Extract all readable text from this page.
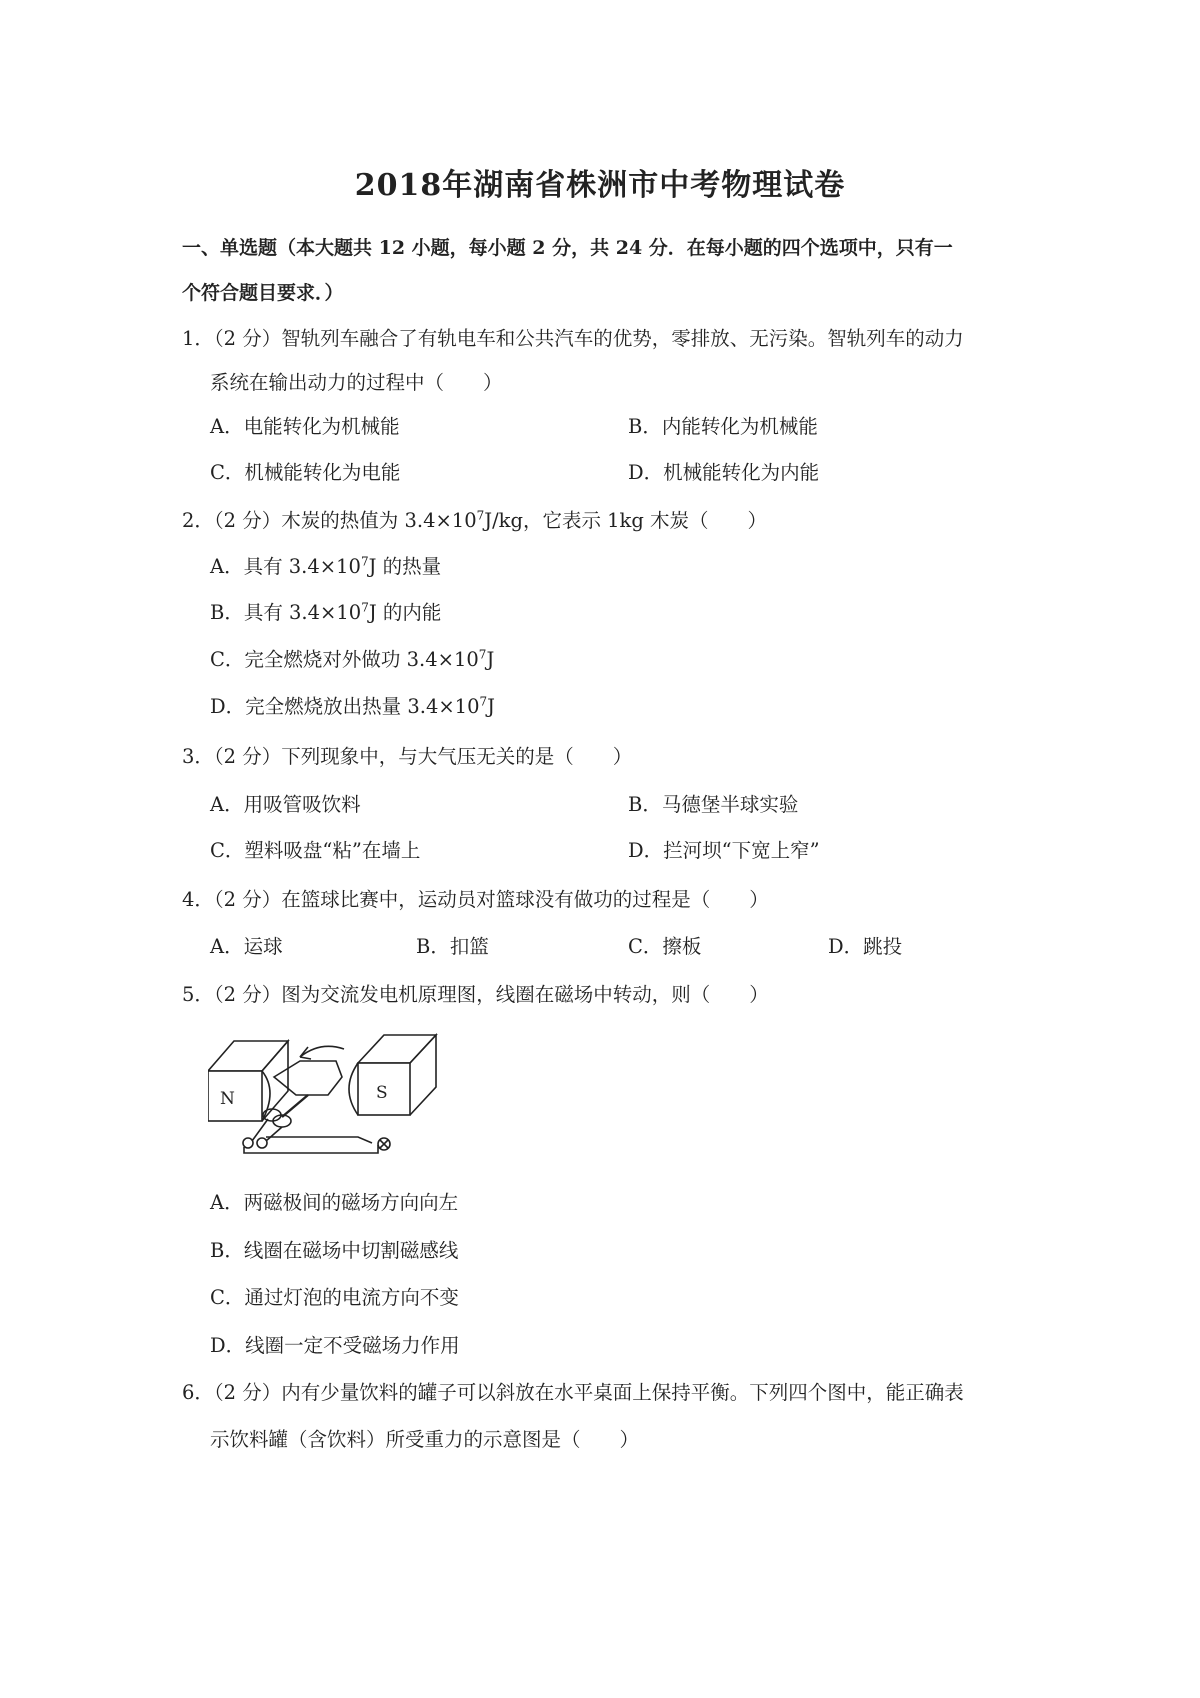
2018年湖南省株洲市中考物理试卷
一、单选题（本大题共 12 小题，每小题 2 分，共 24 分．在每小题的四个选项中，只有一
个符合题目要求．）
1．（2 分）智轨列车融合了有轨电车和公共汽车的优势，零排放、无污染。智轨列车的动力
系统在输出动力的过程中（　　）
A．电能转化为机械能	B．内能转化为机械能
C．机械能转化为电能	D．机械能转化为内能
2．（2 分）木炭的热值为 $3.4\times 10^7J/kg$，它表示 1kg 木炭（　　）
A．具有 $3.4\times 10^7J$ 的热量
B．具有 $3.4\times 10^7J$ 的内能
C．完全燃烧对外做功 $3.4\times 10^7J$
D．完全燃烧放出热量 $3.4\times 10^7J$
3．（2 分）下列现象中，与大气压无关的是（　　）
A．用吸管吸饮料	B．马德堡半球实验
C．塑料吸盘“粘”在墙上	D．拦河坝“下宽上窄”
4．（2 分）在篮球比赛中，运动员对篮球没有做功的过程是（　　）
A．运球	B．扣篮	C．擦板	D．跳投
5．（2 分）图为交流发电机原理图，线圈在磁场中转动，则（　　）
N	S
A．两磁极间的磁场方向向左
B．线圈在磁场中切割磁感线
C．通过灯泡的电流方向不变
D．线圈一定不受磁场力作用
6．（2 分）内有少量饮料的罐子可以斜放在水平桌面上保持平衡。下列四个图中，能正确表
示饮料罐（含饮料）所受重力的示意图是（　　）
